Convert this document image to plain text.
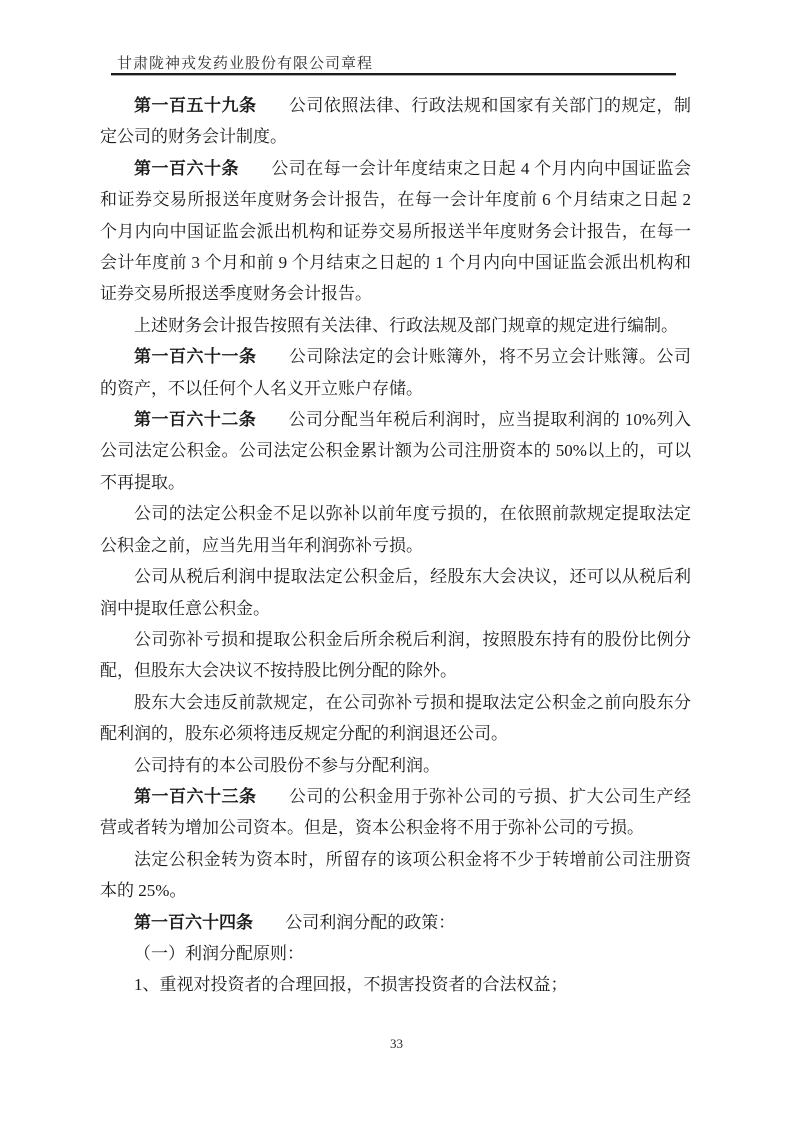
甘肃陇神戎发药业股份有限公司章程

第一百五十九条 公司依照法律、行政法规和国家有关部门的规定，制定公司的财务会计制度。

第一百六十条 公司在每一会计年度结束之日起 4 个月内向中国证监会和证券交易所报送年度财务会计报告，在每一会计年度前 6 个月结束之日起 2 个月内向中国证监会派出机构和证券交易所报送半年度财务会计报告，在每一会计年度前 3 个月和前 9 个月结束之日起的 1 个月内向中国证监会派出机构和证券交易所报送季度财务会计报告。

上述财务会计报告按照有关法律、行政法规及部门规章的规定进行编制。

第一百六十一条 公司除法定的会计账簿外，将不另立会计账簿。公司的资产，不以任何个人名义开立账户存储。

第一百六十二条 公司分配当年税后利润时，应当提取利润的 10%列入公司法定公积金。公司法定公积金累计额为公司注册资本的 50%以上的，可以不再提取。

公司的法定公积金不足以弥补以前年度亏损的，在依照前款规定提取法定公积金之前，应当先用当年利润弥补亏损。

公司从税后利润中提取法定公积金后，经股东大会决议，还可以从税后利润中提取任意公积金。

公司弥补亏损和提取公积金后所余税后利润，按照股东持有的股份比例分配，但股东大会决议不按持股比例分配的除外。

股东大会违反前款规定，在公司弥补亏损和提取法定公积金之前向股东分配利润的，股东必须将违反规定分配的利润退还公司。

公司持有的本公司股份不参与分配利润。

第一百六十三条 公司的公积金用于弥补公司的亏损、扩大公司生产经营或者转为增加公司资本。但是，资本公积金将不用于弥补公司的亏损。

法定公积金转为资本时，所留存的该项公积金将不少于转增前公司注册资本的 25%。

第一百六十四条 公司利润分配的政策：

（一）利润分配原则：

1、重视对投资者的合理回报，不损害投资者的合法权益；

33
